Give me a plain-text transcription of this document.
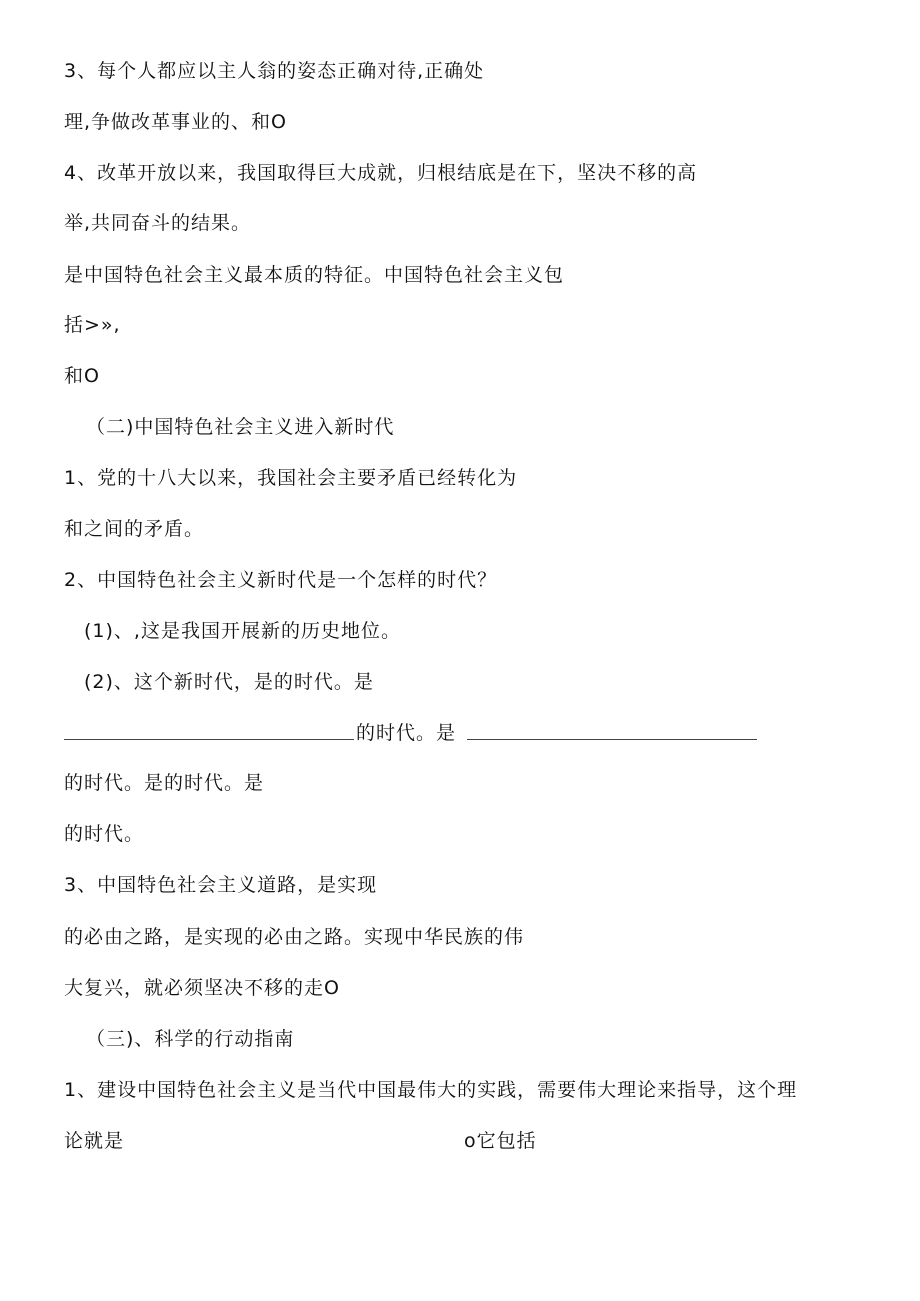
3、每个人都应以主人翁的姿态正确对待,正确处
理,争做改革事业的、和O
4、改革开放以来，我国取得巨大成就，归根结底是在下，坚决不移的高
举,共同奋斗的结果。
是中国特色社会主义最本质的特征。中国特色社会主义包
括>»,
和O
（二)中国特色社会主义进入新时代
1、党的十八大以来，我国社会主要矛盾已经转化为
和之间的矛盾。
2、中国特色社会主义新时代是一个怎样的时代？
(1)、,这是我国开展新的历史地位。
(2)、这个新时代，是的时代。是
的时代。是
的时代。是的时代。是
的时代。
3、中国特色社会主义道路，是实现
的必由之路，是实现的必由之路。实现中华民族的伟
大复兴，就必须坚决不移的走O
（三)、科学的行动指南
1、建设中国特色社会主义是当代中国最伟大的实践，需要伟大理论来指导，这个理
论就是	o它包括
